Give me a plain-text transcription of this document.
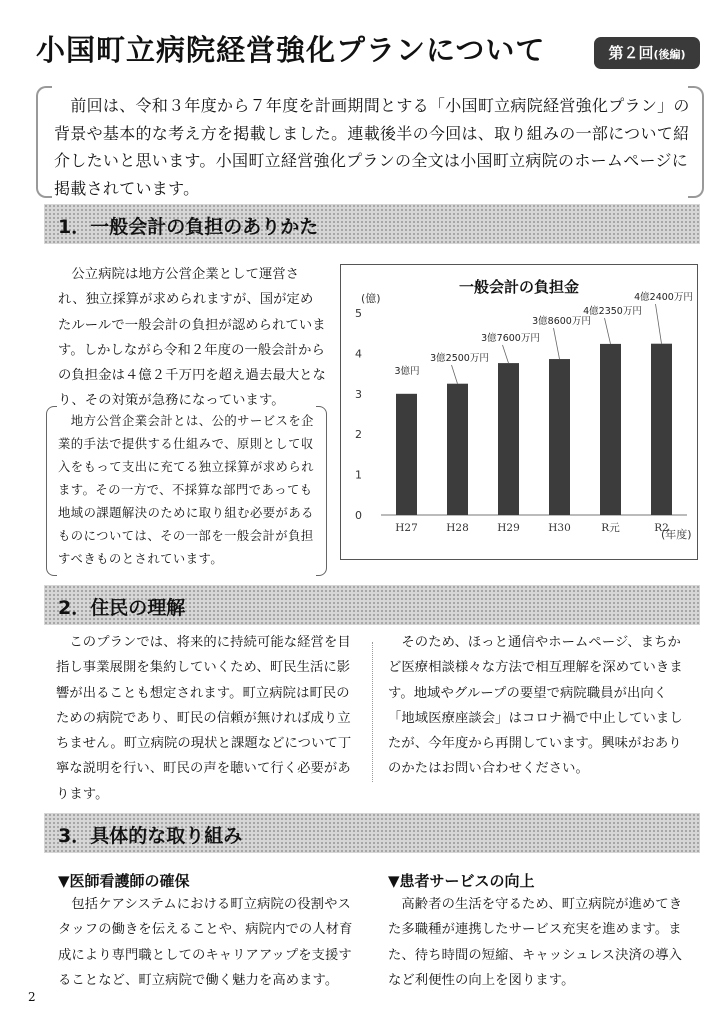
小国町立病院経営強化プランについて	第２回(後編)
 前回は、令和３年度から７年度を計画期間とする「小国町立病院経営強化プラン」の背景や基本的な考え方を掲載しました。連載後半の今回は、取り組みの一部について紹介したいと思います。小国町立経営強化プランの全文は小国町立病院のホームページに掲載されています。
1．一般会計の負担のありかた
 公立病院は地方公営企業として運営され、独立採算が求められますが、国が定めたルールで一般会計の負担が認められています。しかしながら令和２年度の一般会計からの負担金は４億２千万円を超え過去最大となり、その対策が急務になっています。
 地方公営企業会計とは、公的サービスを企業的手法で提供する仕組みで、原則として収入をもって支出に充てる独立採算が求められます。その一方で、不採算な部門であっても地域の課題解決のために取り組む必要があるものについては、その一部を一般会計が負担すべきものとされています。
一般会計の負担金
(億)
(年度)
0
1
2
3
4
5
H27
3億円
H28
3億2500万円
H29
3億7600万円
H30
3億8600万円
R元
4億2350万円
R2
4億2400万円
2．住民の理解
 このプランでは、将来的に持続可能な経営を目指し事業展開を集約していくため、町民生活に影響が出ることも想定されます。町立病院は町民のための病院であり、町民の信頼が無ければ成り立ちません。町立病院の現状と課題などについて丁寧な説明を行い、町民の声を聴いて行く必要があります。
 そのため、ほっと通信やホームページ、まちかど医療相談様々な方法で相互理解を深めていきます。地域やグループの要望で病院職員が出向く「地域医療座談会」はコロナ禍で中止していましたが、今年度から再開しています。興味がおありのかたはお問い合わせください。
3．具体的な取り組み
▼医師看護師の確保
 包括ケアシステムにおける町立病院の役割やスタッフの働きを伝えることや、病院内での人材育成により専門職としてのキャリアアップを支援することなど、町立病院で働く魅力を高めます。
▼患者サービスの向上
 高齢者の生活を守るため、町立病院が進めてきた多職種が連携したサービス充実を進めます。また、待ち時間の短縮、キャッシュレス決済の導入など利便性の向上を図ります。
2
